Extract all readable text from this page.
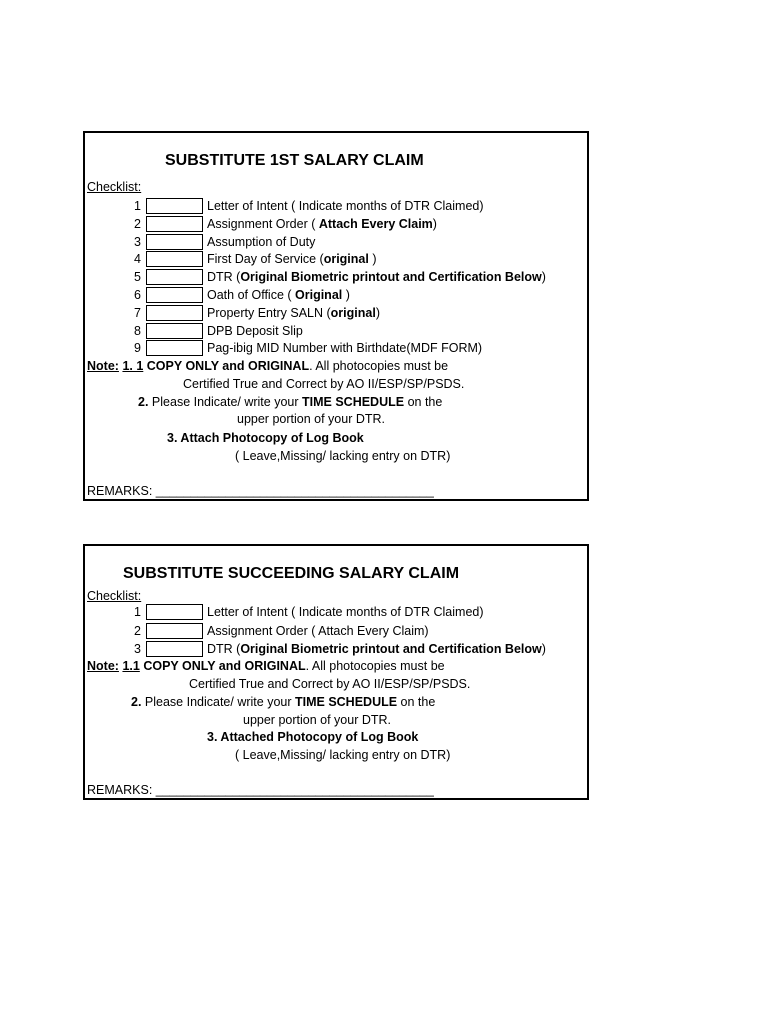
SUBSTITUTE 1ST SALARY CLAIM
Checklist:
1	Letter of Intent ( Indicate months of DTR Claimed)
2	Assignment Order ( Attach Every Claim)
3	Assumption of Duty
4	First Day of Service (original )
5	DTR (Original Biometric printout and Certification Below)
6	Oath of Office ( Original )
7	Property Entry SALN (original)
8	DPB Deposit Slip
9	Pag-ibig MID Number with Birthdate(MDF FORM)
Note: 1. 1 COPY ONLY and ORIGINAL. All photocopies must be
Certified True and Correct by AO II/ESP/SP/PSDS.
2. Please Indicate/ write your TIME SCHEDULE on the
upper portion of your DTR.
3. Attach Photocopy of Log Book
( Leave,Missing/ lacking entry on DTR)
REMARKS: ________________________________________
SUBSTITUTE SUCCEEDING SALARY CLAIM
Checklist:
1	Letter of Intent ( Indicate months of DTR Claimed)
2	Assignment Order ( Attach Every Claim)
3	DTR (Original Biometric printout and Certification Below)
Note: 1.1 COPY ONLY and ORIGINAL. All photocopies must be
Certified True and Correct by AO II/ESP/SP/PSDS.
2. Please Indicate/ write your TIME SCHEDULE on the
upper portion of your DTR.
3. Attached Photocopy of Log Book
( Leave,Missing/ lacking entry on DTR)
REMARKS: ________________________________________
